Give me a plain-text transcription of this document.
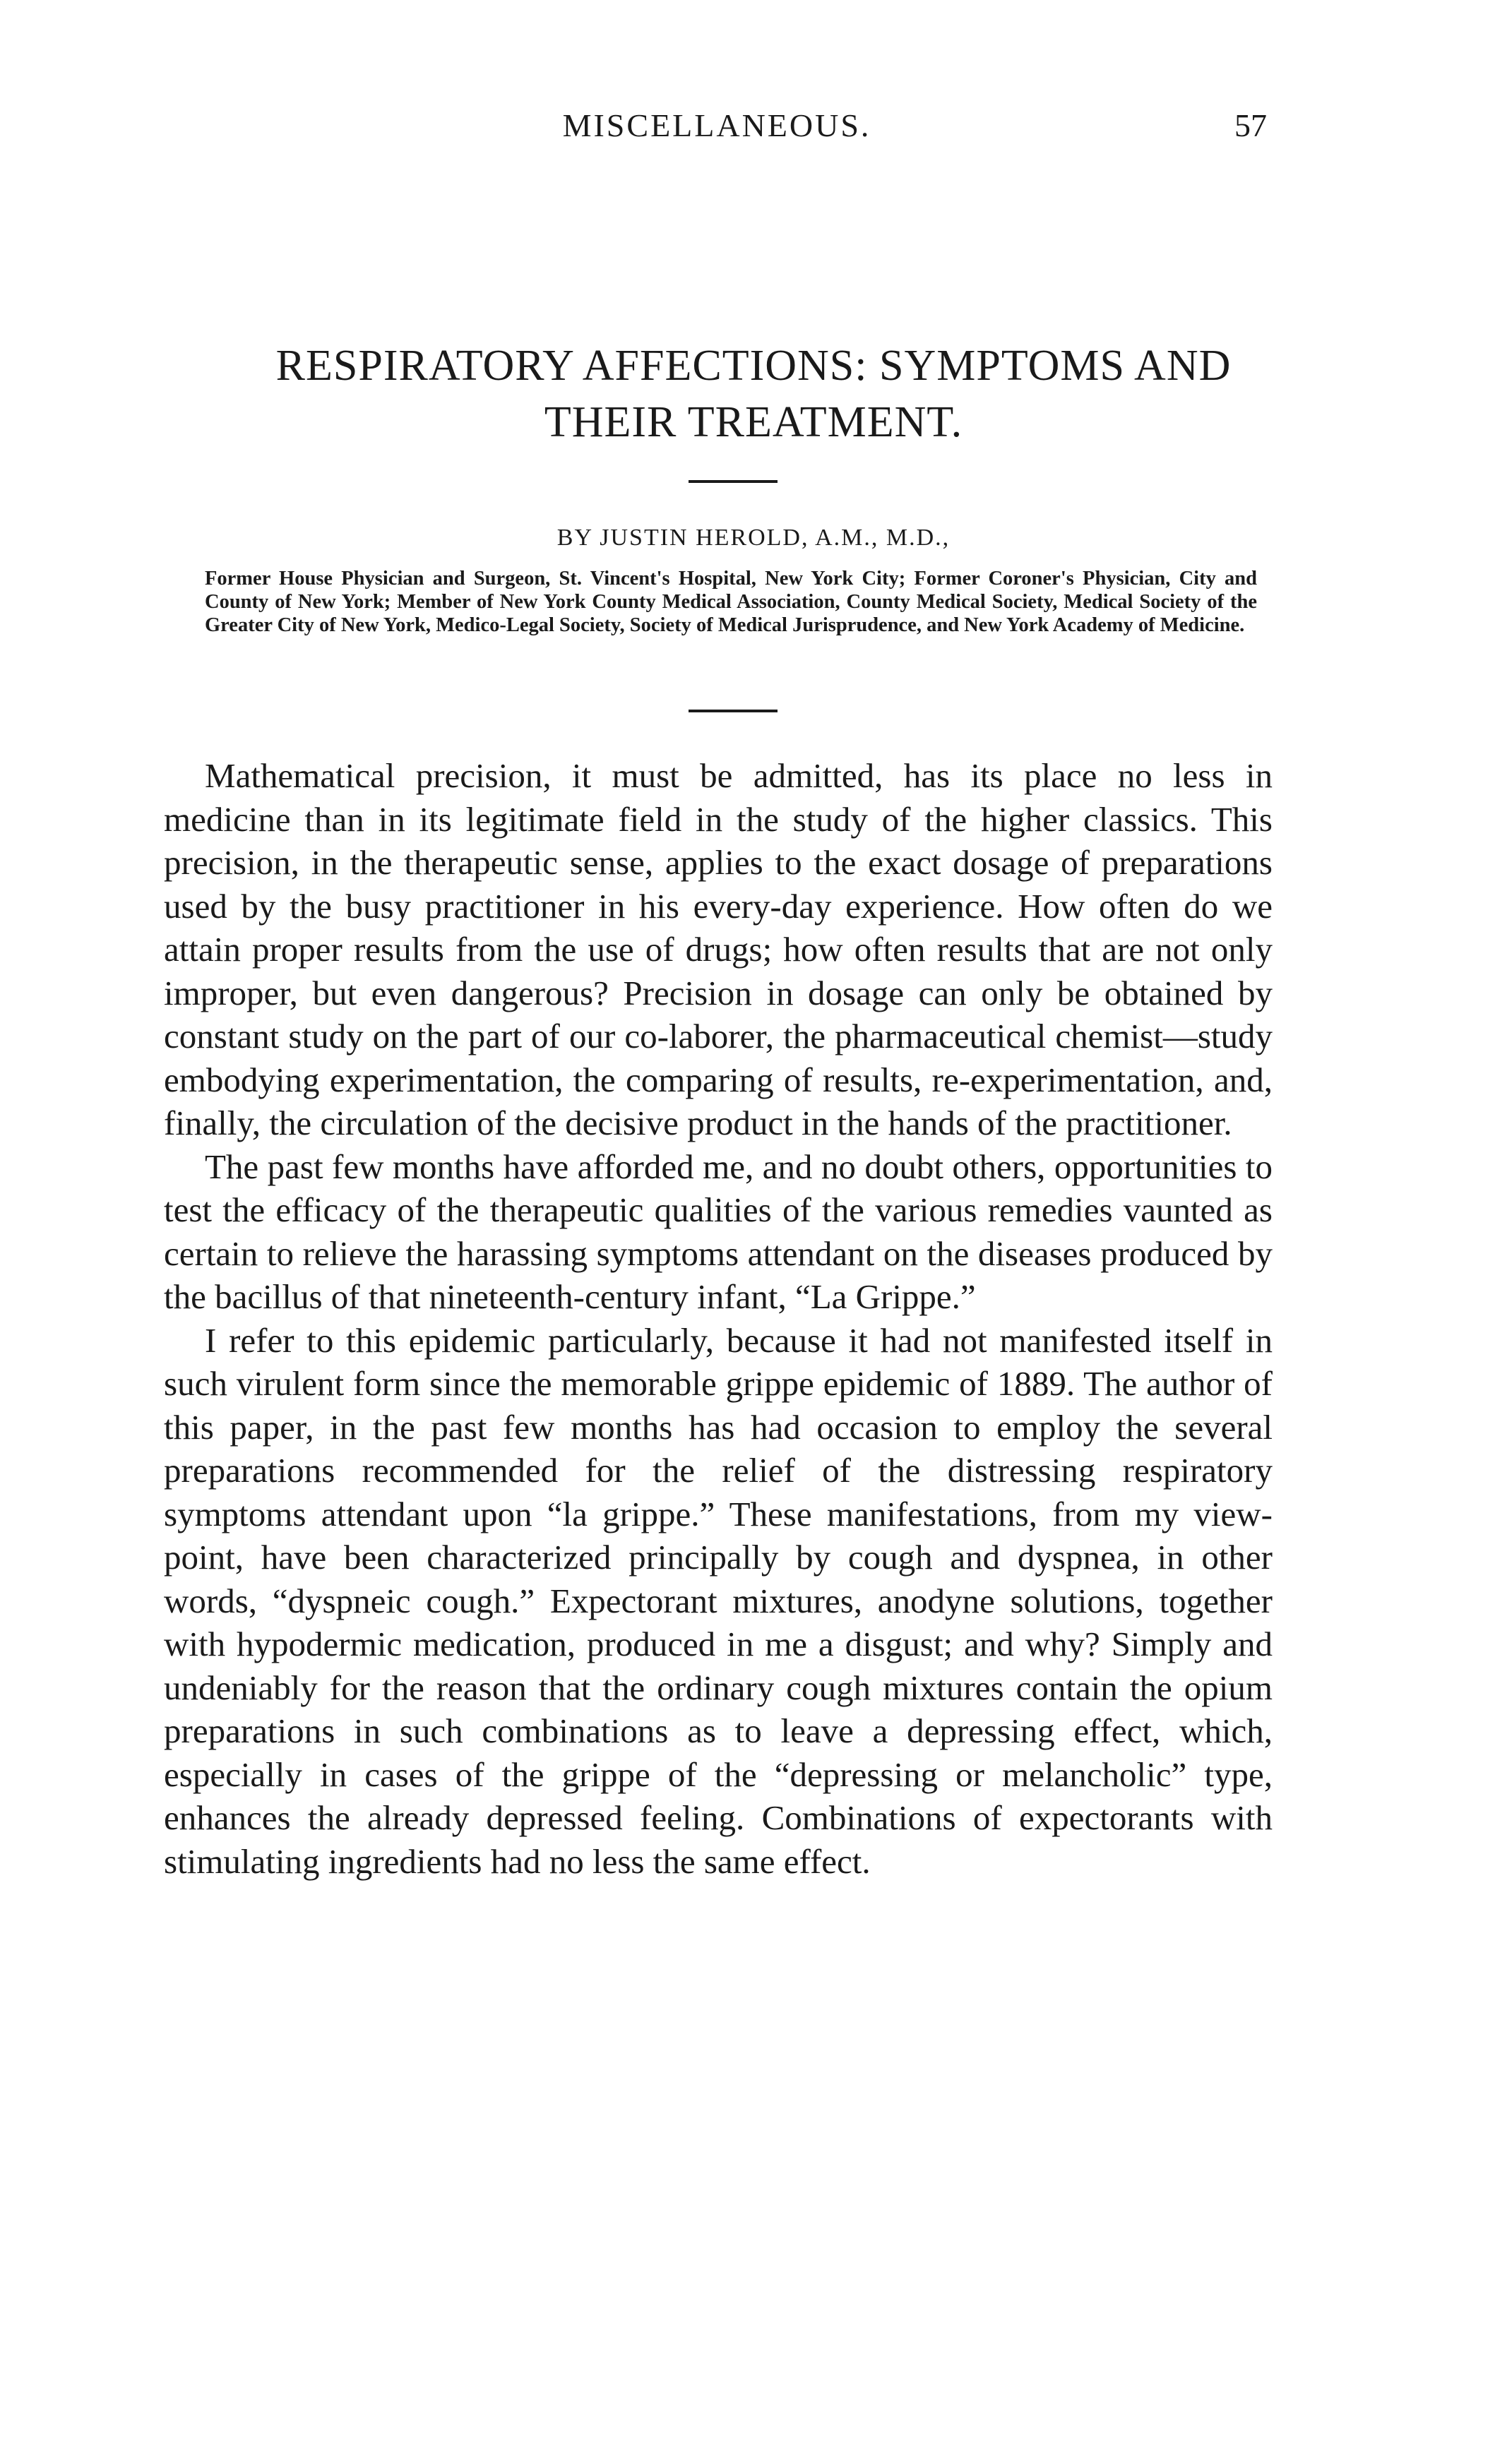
MISCELLANEOUS.	57
RESPIRATORY AFFECTIONS: SYMPTOMS AND
THEIR TREATMENT.
BY JUSTIN HEROLD, A.M., M.D.,
Former House Physician and Surgeon, St. Vincent's Hospital, New York City; Former Coroner's Physician, City and County of New York; Member of New York County Medical Association, County Medical Society, Medical Society of the Greater City of New York, Medico-Legal Society, Society of Medical Jurisprudence, and New York Academy of Medicine.

Mathematical precision, it must be admitted, has its place no less in medicine than in its legitimate field in the study of the higher classics. This precision, in the therapeutic sense, applies to the exact dosage of preparations used by the busy practitioner in his every-day experience. How often do we attain proper results from the use of drugs; how often results that are not only improper, but even dangerous? Precision in dosage can only be obtained by constant study on the part of our co-laborer, the pharmaceutical chemist—study embodying experimentation, the comparing of results, re-experimentation, and, finally, the circulation of the decisive product in the hands of the practitioner.

The past few months have afforded me, and no doubt others, opportunities to test the efficacy of the therapeutic qualities of the various remedies vaunted as certain to relieve the harassing symptoms attendant on the diseases produced by the bacillus of that nineteenth-century infant, “La Grippe.”

I refer to this epidemic particularly, because it had not manifested itself in such virulent form since the memorable grippe epidemic of 1889. The author of this paper, in the past few months has had occasion to employ the several preparations recommended for the relief of the distressing respiratory symptoms attendant upon “la grippe.” These manifestations, from my view-point, have been characterized principally by cough and dyspnea, in other words, “dyspneic cough.” Expectorant mixtures, anodyne solutions, together with hypodermic medication, produced in me a disgust; and why? Simply and undeniably for the reason that the ordinary cough mixtures contain the opium preparations in such combinations as to leave a depressing effect, which, especially in cases of the grippe of the “depressing or melancholic” type, enhances the already depressed feeling. Combinations of expectorants with stimulating ingredients had no less the same effect.
